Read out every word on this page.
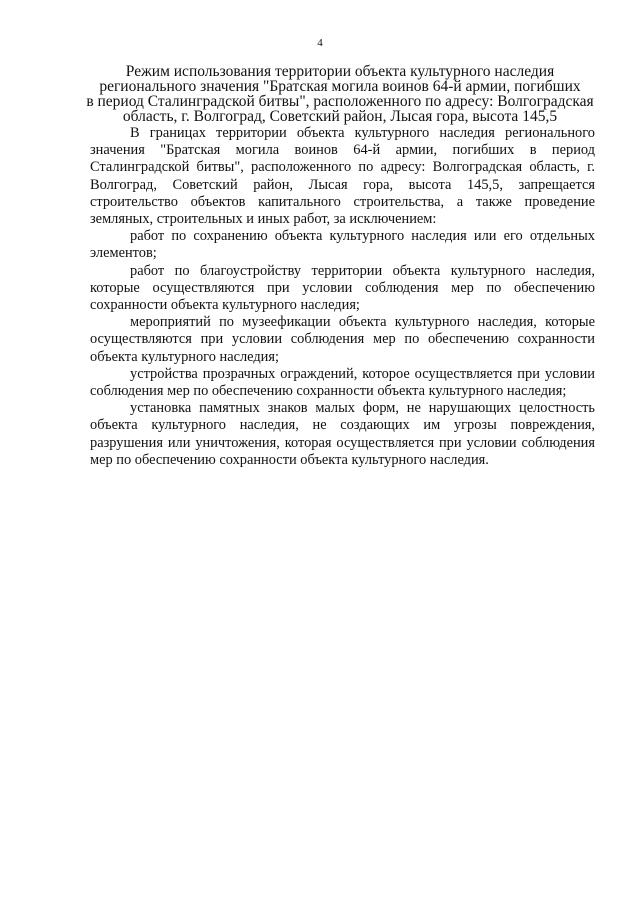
4
Режим использования территории объекта культурного наследия
регионального значения "Братская могила воинов 64-й армии, погибших
в период Сталинградской битвы", расположенного по адресу: Волгоградская
область, г. Волгоград, Советский район, Лысая гора, высота 145,5

В границах территории объекта культурного наследия регионального значения "Братская могила воинов 64-й армии, погибших в период Сталинградской битвы", расположенного по адресу: Волгоградская область, г. Волгоград, Советский район, Лысая гора, высота 145,5, запрещается строительство объектов капитального строительства, а также проведение земляных, строительных и иных работ, за исключением:

работ по сохранению объекта культурного наследия или его отдельных элементов;

работ по благоустройству территории объекта культурного наследия, которые осуществляются при условии соблюдения мер по обеспечению сохранности объекта культурного наследия;

мероприятий по музеефикации объекта культурного наследия, которые осуществляются при условии соблюдения мер по обеспечению сохранности объекта культурного наследия;

устройства прозрачных ограждений, которое осуществляется при условии соблюдения мер по обеспечению сохранности объекта культурного наследия;

установка памятных знаков малых форм, не нарушающих целостность объекта культурного наследия, не создающих им угрозы повреждения, разрушения или уничтожения, которая осуществляется при условии соблюдения мер по обеспечению сохранности объекта культурного наследия.
